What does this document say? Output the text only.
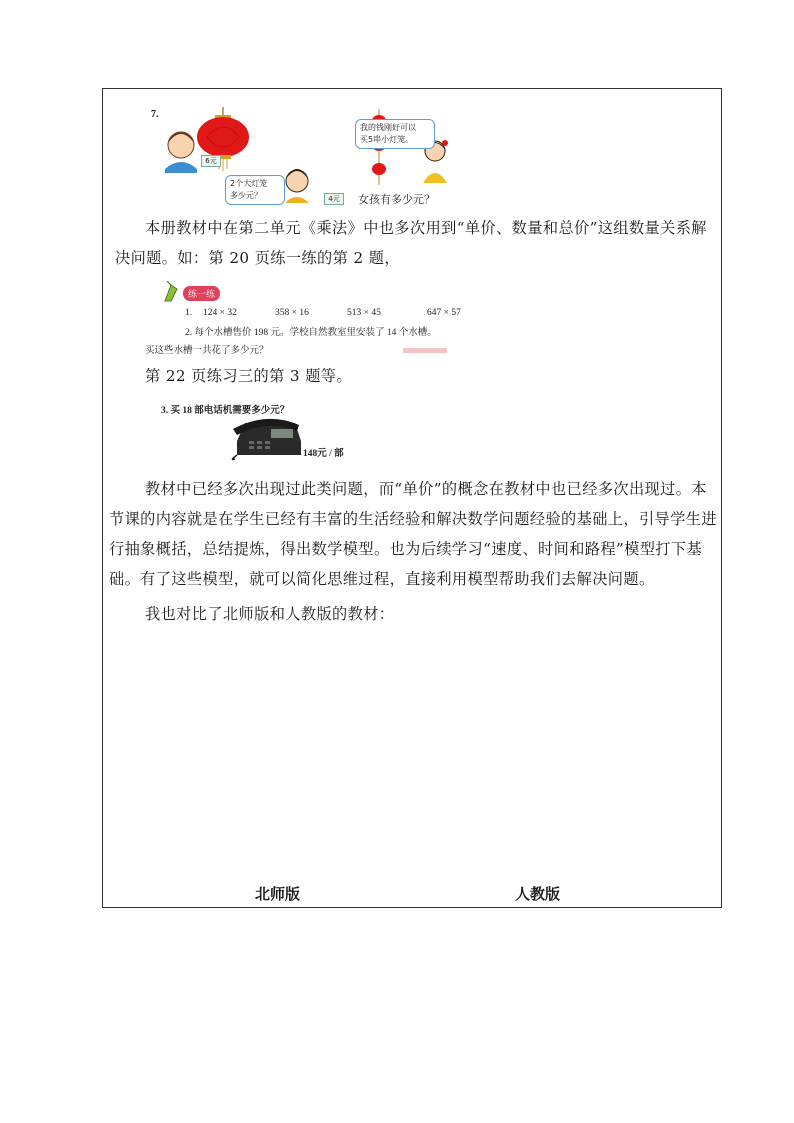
7.
6元
2个大灯笼
多少元？	4元
我的钱刚好可以
买5串小灯笼。
女孩有多少元？
本册教材中在第二单元《乘法》中也多次用到“单价、数量和总价”这组数量关系解决问题。如：第 20 页练一练的第 2 题，
练一练
1. 124 × 32	358 × 16	513 × 45	647 × 57
2. 每个水槽售价 198 元。学校自然教室里安装了 14 个水槽。
买这些水槽一共花了多少元？
第 22 页练习三的第 3 题等。
3. 买 18 部电话机需要多少元？
148元 / 部
教材中已经多次出现过此类问题，而“单价”的概念在教材中也已经多次出现过。本节课的内容就是在学生已经有丰富的生活经验和解决数学问题经验的基础上，引导学生进行抽象概括，总结提炼，得出数学模型。也为后续学习“速度、时间和路程”模型打下基础。有了这些模型，就可以简化思维过程，直接利用模型帮助我们去解决问题。
我也对比了北师版和人教版的教材：
北师版	人教版
